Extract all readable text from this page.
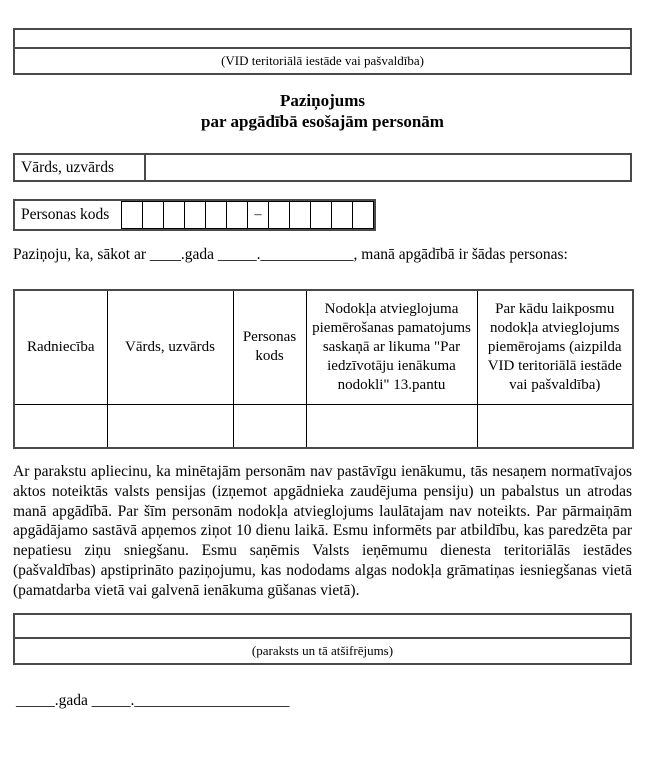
(VID teritoriālā iestāde vai pašvaldība)
Paziņojums
par apgādībā esošajām personām
Vārds, uzvārds
Personas kods	–
Paziņoju, ka, sākot ar ____.gada _____.____________, manā apgādībā ir šādas personas:
Radniecība	Vārds, uzvārds	Personas kods	Nodokļa atvieglojuma piemērošanas pamatojums saskaņā ar likuma "Par iedzīvotāju ienākuma nodokli" 13.pantu	Par kādu laikposmu nodokļa atvieglojums piemērojams (aizpilda VID teritoriālā iestāde vai pašvaldība)

Ar parakstu apliecinu, ka minētajām personām nav pastāvīgu ienākumu, tās nesaņem normatīvajos aktos noteiktās valsts pensijas (izņemot apgādnieka zaudējuma pensiju) un pabalstus un atrodas manā apgādībā. Par šīm personām nodokļa atvieglojums laulātajam nav noteikts. Par pārmaiņām apgādājamo sastāvā apņemos ziņot 10 dienu laikā. Esmu informēts par atbildību, kas paredzēta par nepatiesu ziņu sniegšanu. Esmu saņēmis Valsts ieņēmumu dienesta teritoriālās iestādes (pašvaldības) apstiprināto paziņojumu, kas nododams algas nodokļa grāmatiņas iesniegšanas vietā (pamatdarba vietā vai galvenā ienākuma gūšanas vietā).
(paraksts un tā atšifrējums)
_____.gada _____.____________________
